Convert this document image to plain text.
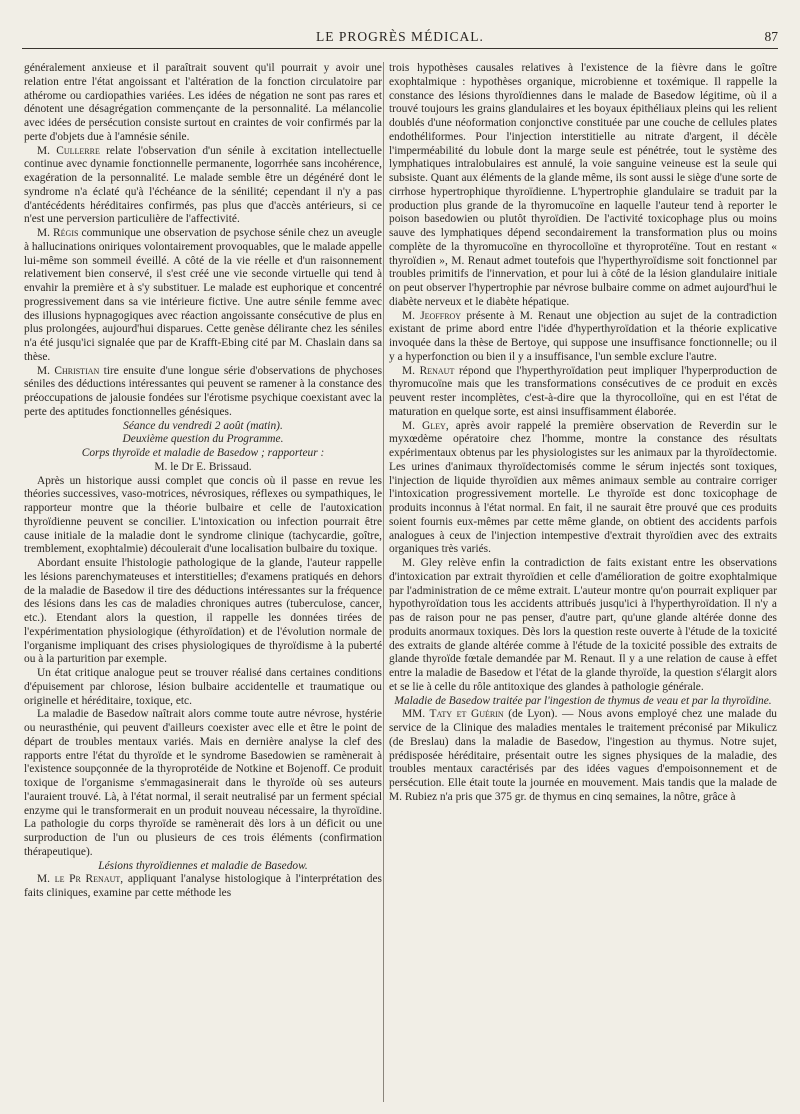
LE PROGRÈS MÉDICAL.	87

généralement anxieuse et il paraîtrait souvent qu'il pourrait y avoir une relation entre l'état angoissant et l'altération de la fonction circulatoire par athérome ou cardiopathies variées. Les idées de négation ne sont pas rares et dénotent une désagrégation commençante de la personnalité. La mélancolie avec idées de persécution consiste surtout en craintes de voir confirmés par la perte d'objets due à l'amnésie sénile.

M. Cullerre relate l'observation d'un sénile à excitation intellectuelle continue avec dynamie fonctionnelle permanente, logorrhée sans incohérence, exagération de la personnalité. Le malade semble être un dégénéré dont le syndrome n'a éclaté qu'à l'échéance de la sénilité; cependant il n'y a pas d'antécédents héréditaires confirmés, pas plus que d'accès antérieurs, si ce n'est une perversion particulière de l'affectivité.

M. Régis communique une observation de psychose sénile chez un aveugle à hallucinations oniriques volontairement provoquables, que le malade appelle lui-même son sommeil éveillé. A côté de la vie réelle et d'un raisonnement relativement bien conservé, il s'est créé une vie seconde virtuelle qui tend à envahir la première et à s'y substituer. Le malade est euphorique et concentré progressivement dans sa vie intérieure fictive. Une autre sénile femme avec des illusions hypnagogiques avec réaction angoissante consécutive de plus en plus prolongées, aujourd'hui disparues. Cette genèse délirante chez les séniles n'a été jusqu'ici signalée que par de Krafft-Ebing cité par M. Chaslain dans sa thèse.

M. Christian tire ensuite d'une longue série d'observations de phychoses séniles des déductions intéressantes qui peuvent se ramener à la constance des préoccupations de jalousie fondées sur l'érotisme psychique coexistant avec la perte des aptitudes fonctionnelles génésiques.

Séance du vendredi 2 août (matin).

Deuxième question du Programme.

Corps thyroïde et maladie de Basedow ; rapporteur :

M. le Dr E. Brissaud.

Après un historique aussi complet que concis où il passe en revue les théories successives, vaso-motrices, névrosiques, réflexes ou sympathiques, le rapporteur montre que la théorie bulbaire et celle de l'autoxication thyroïdienne peuvent se concilier. L'intoxication ou infection pourrait être cause initiale de la maladie dont le syndrome clinique (tachycardie, goître, tremblement, exophtalmie) découlerait d'une localisation bulbaire du toxique.

Abordant ensuite l'histologie pathologique de la glande, l'auteur rappelle les lésions parenchymateuses et interstitielles; d'examens pratiqués en dehors de la maladie de Basedow il tire des déductions intéressantes sur la fréquence des lésions dans les cas de maladies chroniques autres (tuberculose, cancer, etc.). Etendant alors la question, il rappelle les données tirées de l'expérimentation physiologique (éthyroïdation) et de l'évolution normale de l'organisme impliquant des crises physiologiques de thyroïdisme à la puberté ou à la parturition par exemple.

Un état critique analogue peut se trouver réalisé dans certaines conditions d'épuisement par chlorose, lésion bulbaire accidentelle et traumatique ou originelle et héréditaire, toxique, etc.

La maladie de Basedow naîtrait alors comme toute autre névrose, hystérie ou neurasthénie, qui peuvent d'ailleurs coexister avec elle et être le point de départ de troubles mentaux variés. Mais en dernière analyse la clef des rapports entre l'état du thyroïde et le syndrome Basedowien se ramènerait à l'existence soupçonnée de la thyroprotéide de Notkine et Bojenoff. Ce produit toxique de l'organisme s'emmagasinerait dans le thyroïde où ses auteurs l'auraient trouvé. Là, à l'état normal, il serait neutralisé par un ferment spécial enzyme qui le transformerait en un produit nouveau nécessaire, la thyroïdine. La pathologie du corps thyroïde se ramènerait dès lors à un déficit ou une surproduction de l'un ou plusieurs de ces trois éléments (confirmation thérapeutique).

Lésions thyroïdiennes et maladie de Basedow.

M. le Pr Renaut, appliquant l'analyse histologique à l'interprétation des faits cliniques, examine par cette méthode les

trois hypothèses causales relatives à l'existence de la fièvre dans le goître exophtalmique : hypothèses organique, microbienne et toxémique. Il rappelle la constance des lésions thyroïdiennes dans le malade de Basedow légitime, où il a trouvé toujours les grains glandulaires et les boyaux épithéliaux pleins qui les relient doublés d'une néoformation conjonctive constituée par une couche de cellules plates endothéliformes. Pour l'injection interstitielle au nitrate d'argent, il décèle l'imperméabilité du lobule dont la marge seule est pénétrée, tout le système des lymphatiques intralobulaires est annulé, la voie sanguine veineuse est la seule qui subsiste. Quant aux éléments de la glande même, ils sont aussi le siège d'une sorte de cirrhose hypertrophique thyroïdienne. L'hypertrophie glandulaire se traduit par la production plus grande de la thyromucoïne en laquelle l'auteur tend à reporter le poison basedowien ou plutôt thyroïdien. De l'activité toxicophage plus ou moins sauve des lymphatiques dépend secondairement la transformation plus ou moins complète de la thyromucoïne en thyrocolloïne et thyroprotéïne. Tout en restant « thyroïdien », M. Renaut admet toutefois que l'hyperthyroïdisme soit fonctionnel par troubles primitifs de l'innervation, et pour lui à côté de la lésion glandulaire initiale on peut observer l'hypertrophie par névrose bulbaire comme on admet aujourd'hui le diabète nerveux et le diabète hépatique.

M. Jeoffroy présente à M. Renaut une objection au sujet de la contradiction existant de prime abord entre l'idée d'hyperthyroïdation et la théorie explicative invoquée dans la thèse de Bertoye, qui suppose une insuffisance fonctionnelle; ou il y a hyperfonction ou bien il y a insuffisance, l'un semble exclure l'autre.

M. Renaut répond que l'hyperthyroïdation peut impliquer l'hyperproduction de thyromucoïne mais que les transformations consécutives de ce produit en excès peuvent rester incomplètes, c'est-à-dire que la thyrocolloïne, qui en est l'état de maturation en quelque sorte, est ainsi insuffisamment élaborée.

M. Gley, après avoir rappelé la première observation de Reverdin sur le myxœdème opératoire chez l'homme, montre la constance des résultats expérimentaux obtenus par les physiologistes sur les animaux par la thyroïdectomie. Les urines d'animaux thyroïdectomisés comme le sérum injectés sont toxiques, l'injection de liquide thyroïdien aux mêmes animaux semble au contraire corriger l'intoxication progressivement mortelle. Le thyroïde est donc toxicophage de produits inconnus à l'état normal. En fait, il ne saurait être prouvé que ces produits soient fournis eux-mêmes par cette même glande, on obtient des accidents parfois analogues à ceux de l'injection intempestive d'extrait thyroïdien avec des extraits organiques très variés.

M. Gley relève enfin la contradiction de faits existant entre les observations d'intoxication par extrait thyroïdien et celle d'amélioration de goitre exophtalmique par l'administration de ce même extrait. L'auteur montre qu'on pourrait expliquer par hypothyroïdation tous les accidents attribués jusqu'ici à l'hyperthyroïdation. Il n'y a pas de raison pour ne pas penser, d'autre part, qu'une glande altérée donne des produits anormaux toxiques. Dès lors la question reste ouverte à l'étude de la toxicité des extraits de glande altérée comme à l'étude de la toxicité possible des extraits de glande thyroïde fœtale demandée par M. Renaut. Il y a une relation de cause à effet entre la maladie de Basedow et l'état de la glande thyroïde, la question s'élargit alors et se lie à celle du rôle antitoxique des glandes à pathologie générale.

Maladie de Basedow traitée par l'ingestion de thymus de veau et par la thyroïdine.

MM. Taty et Guérin (de Lyon). — Nous avons employé chez une malade du service de la Clinique des maladies mentales le traitement préconisé par Mikulicz (de Breslau) dans la maladie de Basedow, l'ingestion au thymus. Notre sujet, prédisposée héréditaire, présentait outre les signes physiques de la maladie, des troubles mentaux caractérisés par des idées vagues d'empoisonnement et de persécution. Elle était toute la journée en mouvement. Mais tandis que la malade de M. Rubiez n'a pris que 375 gr. de thymus en cinq semaines, la nôtre, grâce à
